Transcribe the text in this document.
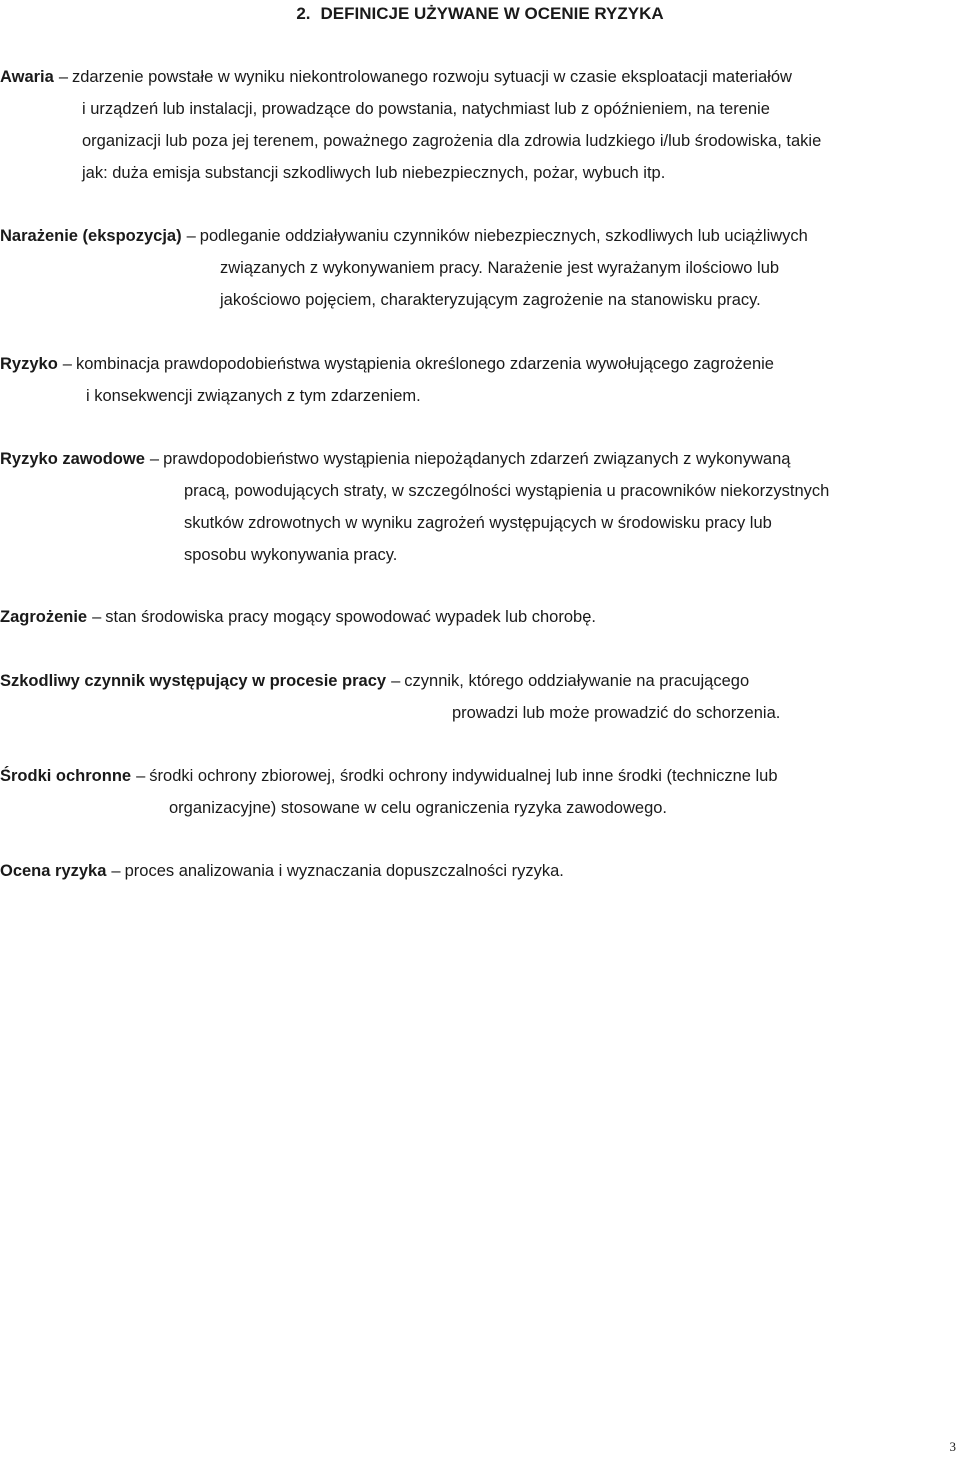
2. DEFINICJE UŻYWANE W OCENIE RYZYKA
Awaria – zdarzenie powstałe w wyniku niekontrolowanego rozwoju sytuacji w czasie eksploatacji materiałów
i urządzeń lub instalacji, prowadzące do powstania, natychmiast lub z opóźnieniem, na terenie
organizacji lub poza jej terenem, poważnego zagrożenia dla zdrowia ludzkiego i/lub środowiska, takie
jak: duża emisja substancji szkodliwych lub niebezpiecznych, pożar, wybuch itp.
Narażenie (ekspozycja) – podleganie oddziaływaniu czynników niebezpiecznych, szkodliwych lub uciążliwych
związanych z wykonywaniem pracy. Narażenie jest wyrażanym ilościowo lub
jakościowo pojęciem, charakteryzującym zagrożenie na stanowisku pracy.
Ryzyko – kombinacja prawdopodobieństwa wystąpienia określonego zdarzenia wywołującego zagrożenie
i konsekwencji związanych z tym zdarzeniem.
Ryzyko zawodowe – prawdopodobieństwo wystąpienia niepożądanych zdarzeń związanych z wykonywaną
pracą, powodujących straty, w szczególności wystąpienia u pracowników niekorzystnych
skutków zdrowotnych w wyniku zagrożeń występujących w środowisku pracy lub
sposobu wykonywania pracy.
Zagrożenie – stan środowiska pracy mogący spowodować wypadek lub chorobę.
Szkodliwy czynnik występujący w procesie pracy – czynnik, którego oddziaływanie na pracującego
prowadzi lub może prowadzić do schorzenia.
Środki ochronne – środki ochrony zbiorowej, środki ochrony indywidualnej lub inne środki (techniczne lub
organizacyjne) stosowane w celu ograniczenia ryzyka zawodowego.
Ocena ryzyka – proces analizowania i wyznaczania dopuszczalności ryzyka.
3
